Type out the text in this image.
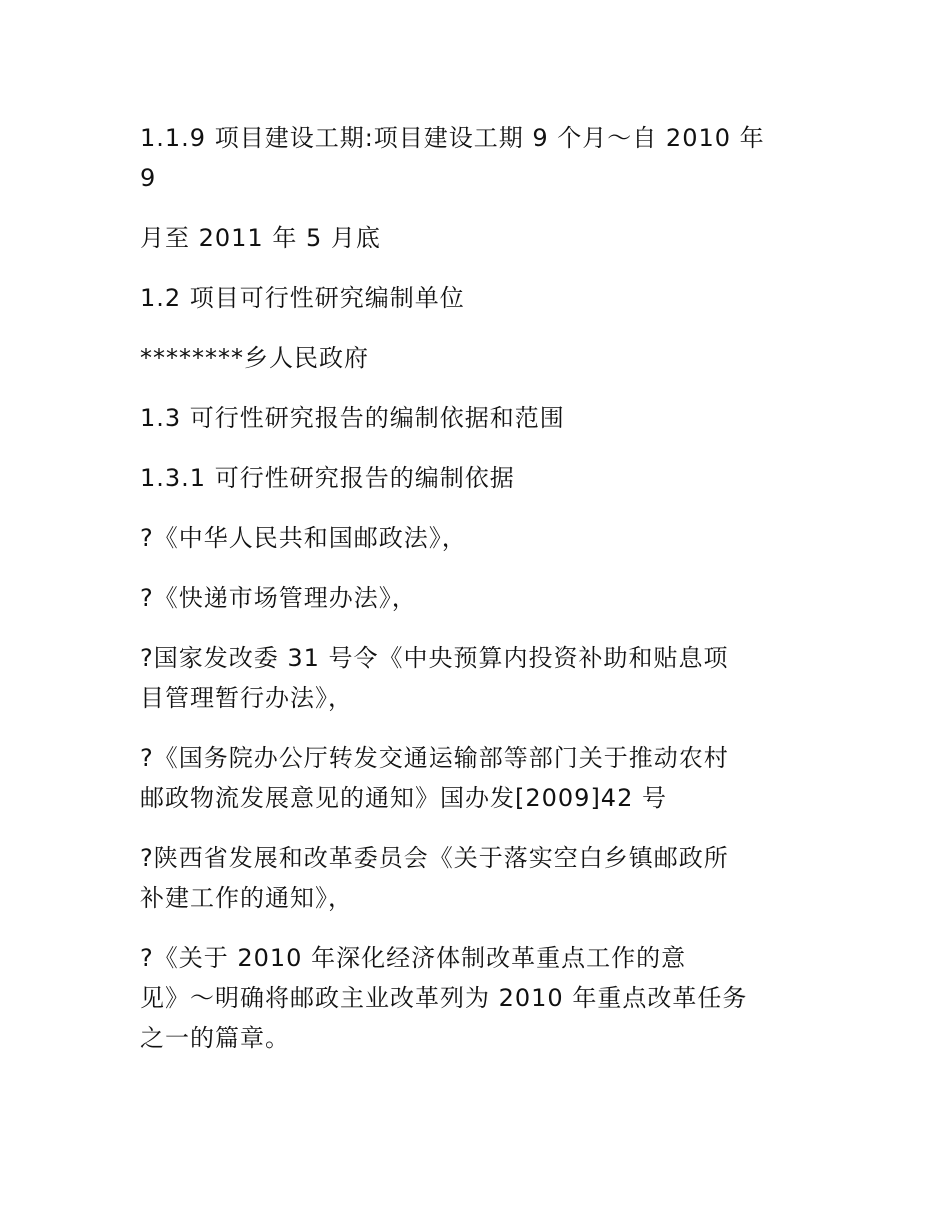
1.1.9 项目建设工期:项目建设工期 9 个月～自 2010 年
9

月至 2011 年 5 月底

1.2 项目可行性研究编制单位

********乡人民政府

1.3 可行性研究报告的编制依据和范围

1.3.1 可行性研究报告的编制依据

?《中华人民共和国邮政法》，

?《快递市场管理办法》，

?国家发改委 31 号令《中央预算内投资补助和贴息项
目管理暂行办法》，

?《国务院办公厅转发交通运输部等部门关于推动农村
邮政物流发展意见的通知》国办发[2009]42 号

?陕西省发展和改革委员会《关于落实空白乡镇邮政所
补建工作的通知》，

?《关于 2010 年深化经济体制改革重点工作的意
见》～明确将邮政主业改革列为 2010 年重点改革任务
之一的篇章。
